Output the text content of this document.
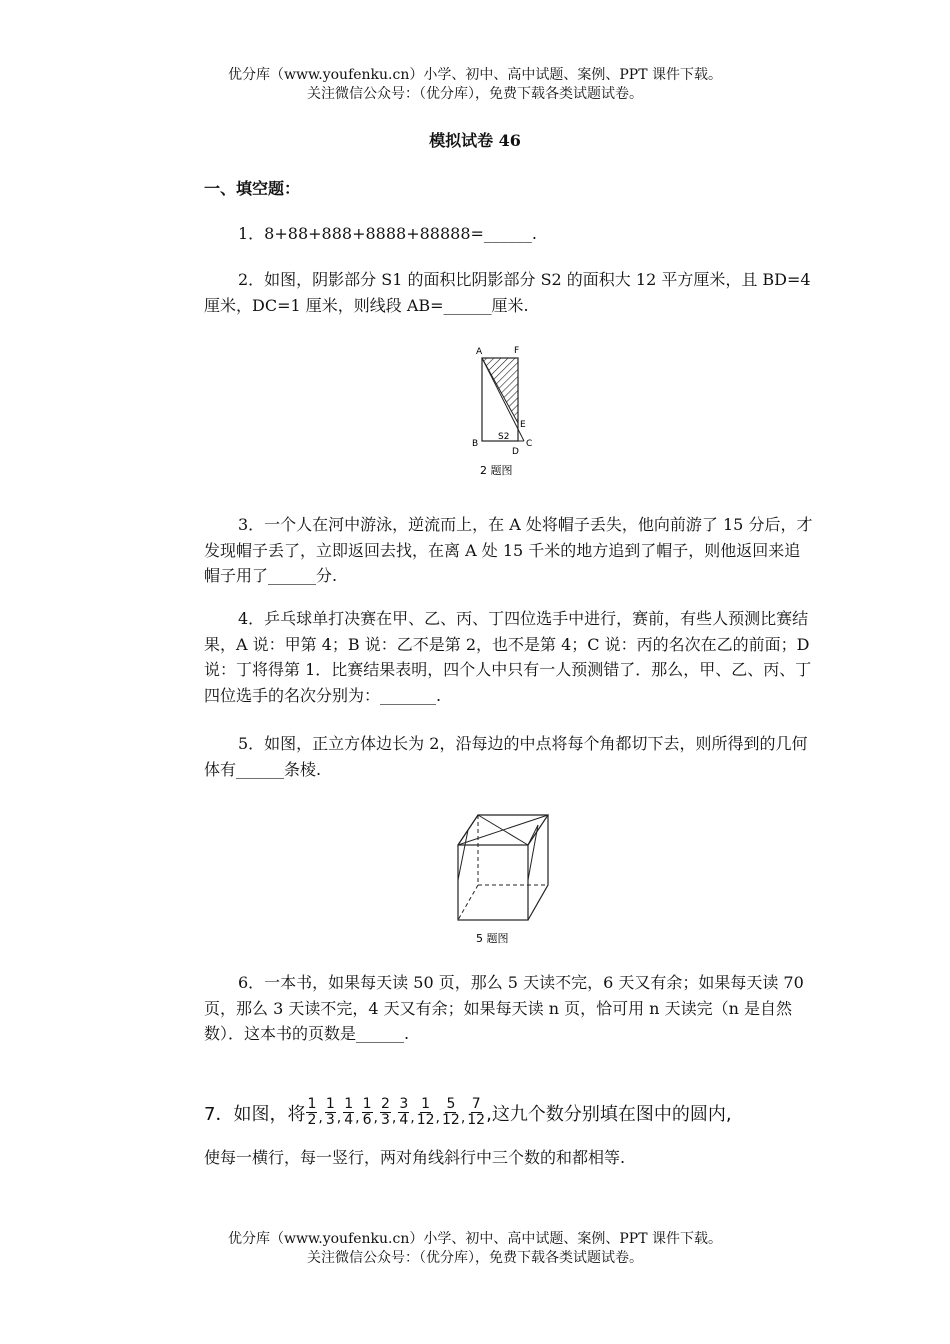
优分库（www.youfenku.cn）小学、初中、高中试题、案例、PPT 课件下载。
关注微信公众号：（优分库），免费下载各类试题试卷。
模拟试卷 46
一、填空题：
1．8+88+888+8888+88888=______.
2．如图，阴影部分 S1 的面积比阴影部分 S2 的面积大 12 平方厘米，且 BD=4 厘米，DC=1 厘米，则线段 AB=______厘米.
A	F
E
B
S2
C
D
2 题图
3．一个人在河中游泳，逆流而上，在 A 处将帽子丢失，他向前游了 15 分后，才发现帽子丢了，立即返回去找，在离 A 处 15 千米的地方追到了帽子，则他返回来追帽子用了______分.
4．乒乓球单打决赛在甲、乙、丙、丁四位选手中进行，赛前，有些人预测比赛结果，A 说：甲第 4；B 说：乙不是第 2，也不是第 4；C 说：丙的名次在乙的前面；D 说：丁将得第 1．比赛结果表明，四个人中只有一人预测错了．那么，甲、乙、丙、丁四位选手的名次分别为：_______.
5．如图，正立方体边长为 2，沿每边的中点将每个角都切下去，则所得到的几何体有______条棱.
5 题图
6．一本书，如果每天读 50 页，那么 5 天读不完，6 天又有余；如果每天读 70 页，那么 3 天读不完，4 天又有余；如果每天读 n 页，恰可用 n 天读完（n 是自然数）．这本书的页数是______.
7．如图，将 $\frac{1}{2}$ , $\frac{1}{3}$ , $\frac{1}{4}$ , $\frac{1}{6}$ , $\frac{2}{3}$ , $\frac{3}{4}$ , $\frac{1}{12}$ , $\frac{5}{12}$ , $\frac{7}{12}$ ,这九个数分别填在图中的圆内,
使每一横行，每一竖行，两对角线斜行中三个数的和都相等.
优分库（www.youfenku.cn）小学、初中、高中试题、案例、PPT 课件下载。
关注微信公众号：（优分库），免费下载各类试题试卷。
